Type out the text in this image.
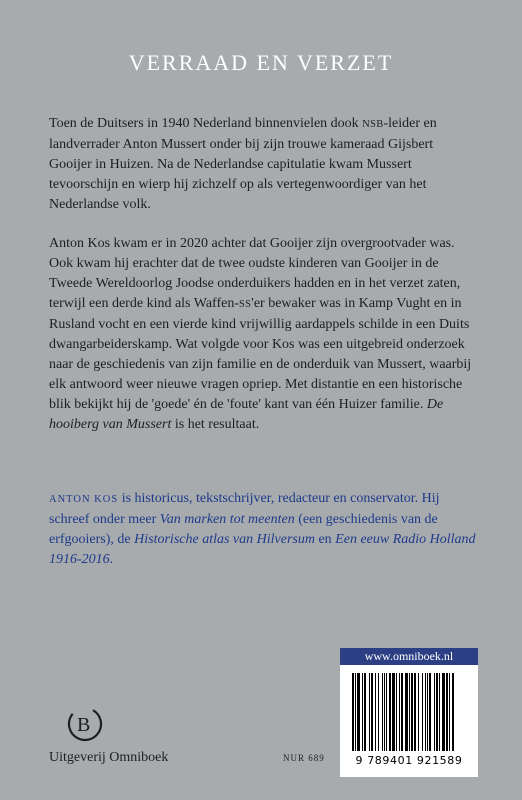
VERRAAD EN VERZET

Toen de Duitsers in 1940 Nederland binnenvielen dook NSB-leider en landverrader Anton Mussert onder bij zijn trouwe kameraad Gijsbert Gooijer in Huizen. Na de Nederlandse capitulatie kwam Mussert tevoorschijn en wierp hij zichzelf op als vertegenwoordiger van het Nederlandse volk.

Anton Kos kwam er in 2020 achter dat Gooijer zijn overgrootvader was. Ook kwam hij erachter dat de twee oudste kinderen van Gooijer in de Tweede Wereldoorlog Joodse onderduikers hadden en in het verzet zaten, terwijl een derde kind als Waffen-SS'er bewaker was in Kamp Vught en in Rusland vocht en een vierde kind vrijwillig aardappels schilde in een Duits dwangarbeiderskamp. Wat volgde voor Kos was een uitgebreid onderzoek naar de geschiedenis van zijn familie en de onderduik van Mussert, waarbij elk antwoord weer nieuwe vragen opriep. Met distantie en een historische blik bekijkt hij de 'goede' én de 'foute' kant van één Huizer familie. De hooiberg van Mussert is het resultaat.

ANTON KOS is historicus, tekstschrijver, redacteur en conservator. Hij schreef onder meer Van marken tot meenten (een geschiedenis van de erfgooiers), de Historische atlas van Hilversum en Een eeuw Radio Holland 1916-2016.

B
Uitgeverij Omniboek	NUR 689
www.omniboek.nl
9 789401 921589
